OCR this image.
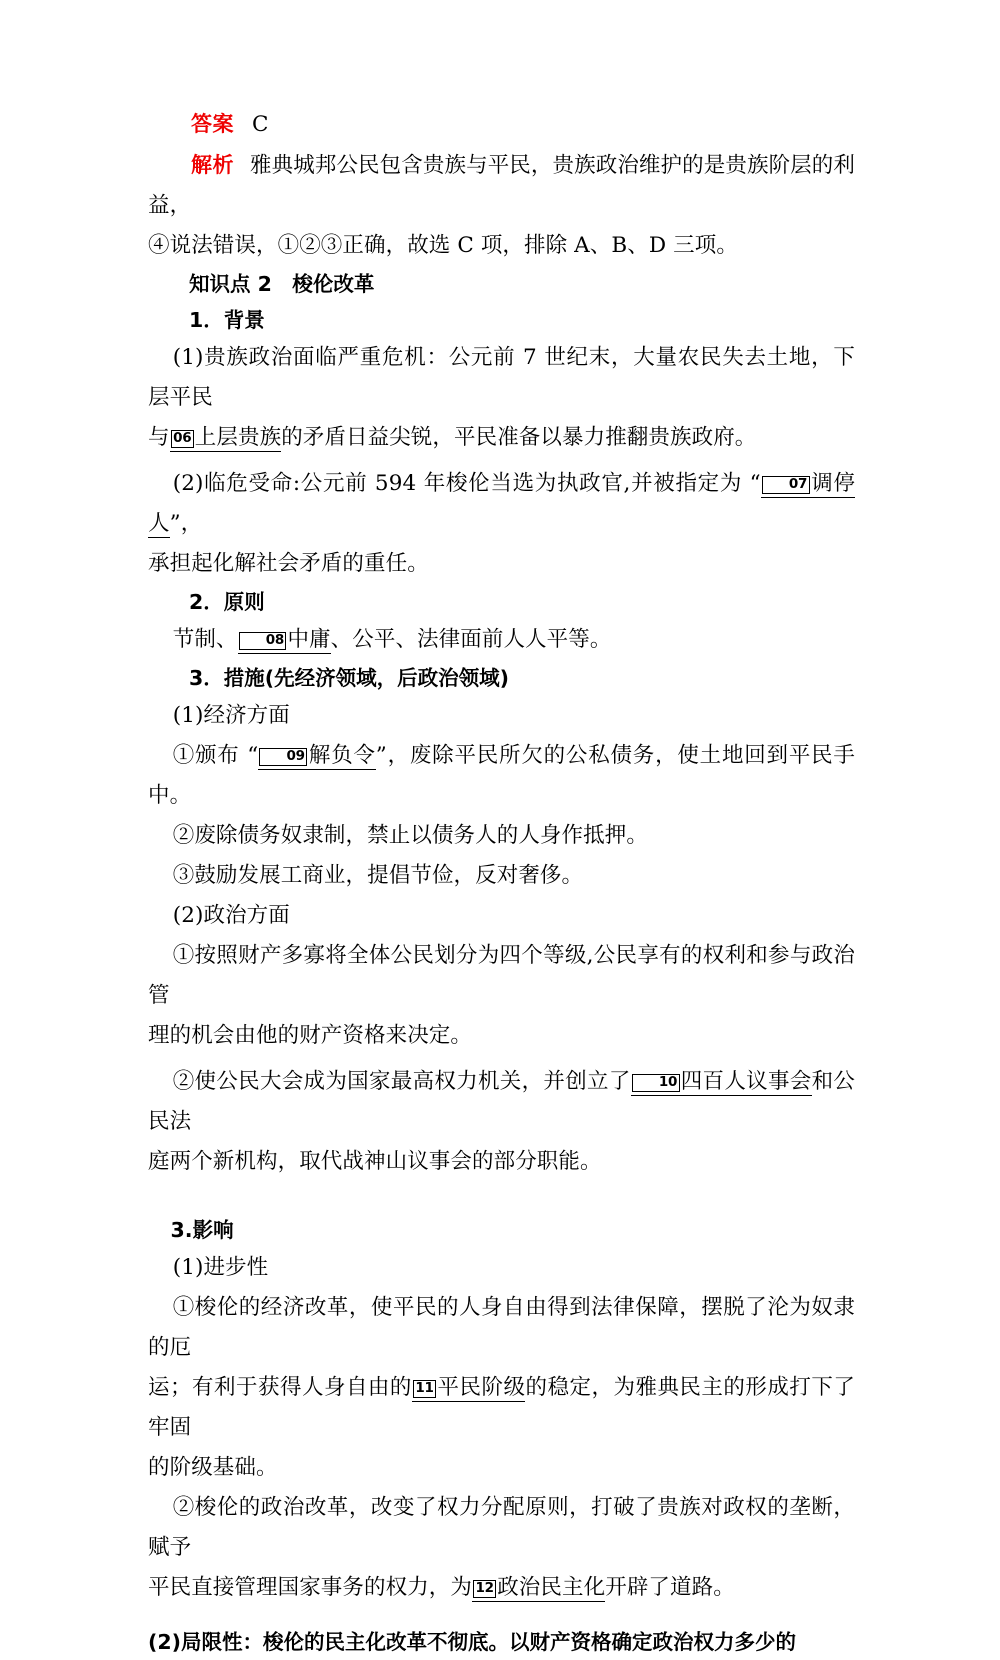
答案 C

解析 雅典城邦公民包含贵族与平民，贵族政治维护的是贵族阶层的利益，

④说法错误，①②③正确，故选 C 项，排除 A、B、D 三项。

知识点 2　梭伦改革

1．背景

(1)贵族政治面临严重危机：公元前 7 世纪末，大量农民失去土地，下层平民

与 06 上层贵族的矛盾日益尖锐，平民准备以暴力推翻贵族政府。

(2)临危受命:公元前 594 年梭伦当选为执政官,并被指定为 “ 07 调停人”，

承担起化解社会矛盾的重任。

2．原则

节制、 08 中庸、公平、法律面前人人平等。

3．措施(先经济领域，后政治领域)

(1)经济方面

①颁布 “ 09 解负令”，废除平民所欠的公私债务，使土地回到平民手中。

②废除债务奴隶制，禁止以债务人的人身作抵押。

③鼓励发展工商业，提倡节俭，反对奢侈。

(2)政治方面

①按照财产多寡将全体公民划分为四个等级,公民享有的权利和参与政治管

理的机会由他的财产资格来决定。

②使公民大会成为国家最高权力机关，并创立了 10 四百人议事会和公民法

庭两个新机构，取代战神山议事会的部分职能。

3.影响

(1)进步性

①梭伦的经济改革，使平民的人身自由得到法律保障，摆脱了沦为奴隶的厄

运；有利于获得人身自由的 11 平民阶级的稳定，为雅典民主的形成打下了牢固

的阶级基础。

②梭伦的政治改革，改变了权力分配原则，打破了贵族对政权的垄断，赋予

平民直接管理国家事务的权力，为 12 政治民主化开辟了道路。

(2)局限性：梭伦的民主化改革不彻底。以财产资格确定政治权力多少的
